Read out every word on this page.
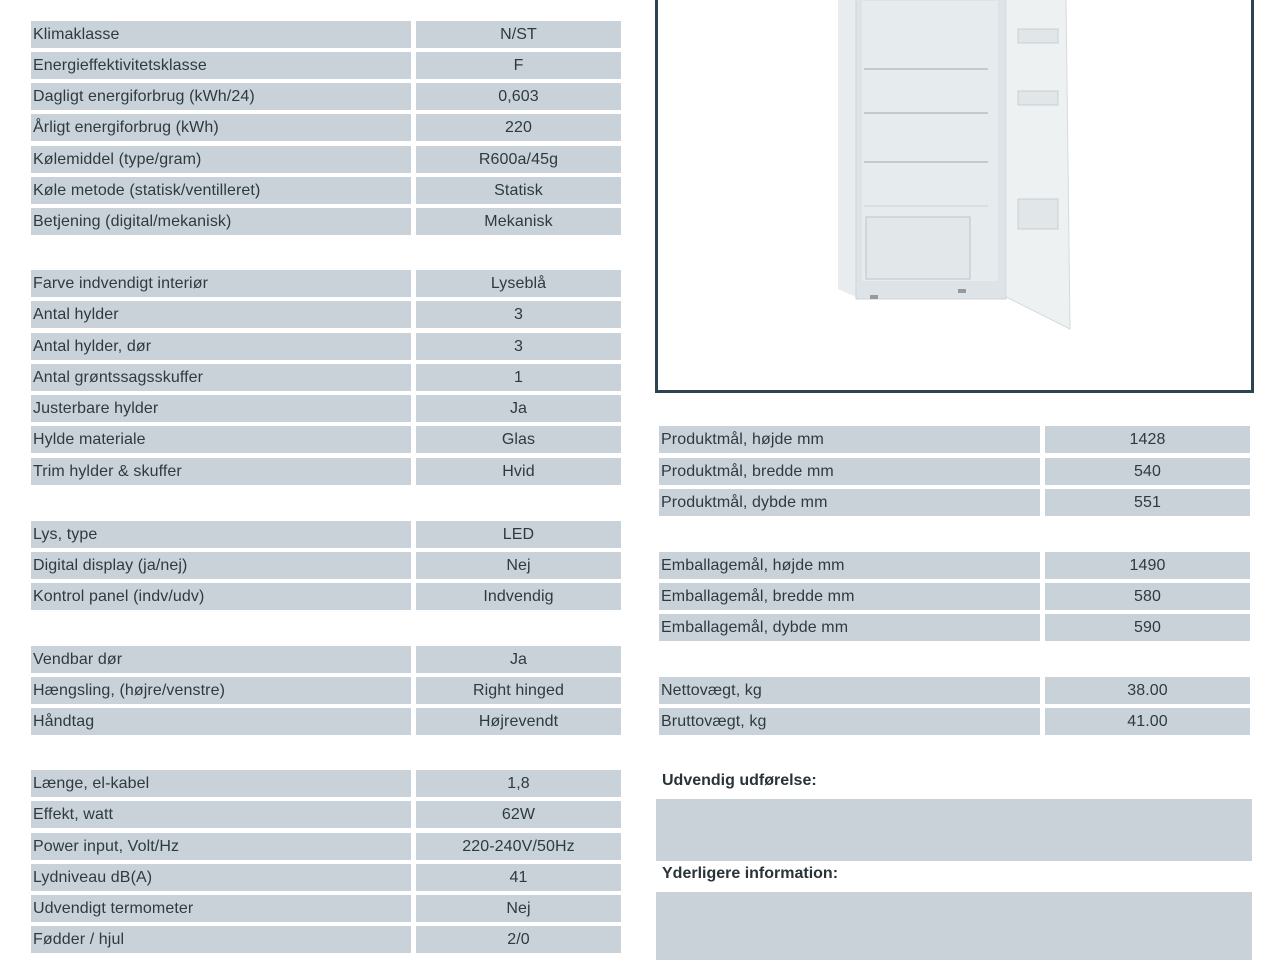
Klimaklasse	N/ST
Energieffektivitetsklasse	F
Dagligt energiforbrug (kWh/24)	0,603
Årligt energiforbrug (kWh)	220
Kølemiddel (type/gram)	R600a/45g
Køle metode (statisk/ventilleret)	Statisk
Betjening (digital/mekanisk)	Mekanisk
Farve indvendigt interiør	Lyseblå
Antal hylder	3
Antal hylder, dør	3
Antal grøntssagsskuffer	1
Justerbare hylder	Ja
Hylde materiale	Glas
Trim hylder & skuffer	Hvid
Lys, type	LED
Digital display (ja/nej)	Nej
Kontrol panel (indv/udv)	Indvendig
Vendbar dør	Ja
Hængsling, (højre/venstre)	Right hinged
Håndtag	Højrevendt
Længe, el-kabel	1,8
Effekt, watt	62W
Power input, Volt/Hz	220-240V/50Hz
Lydniveau dB(A)	41
Udvendigt termometer	Nej
Fødder / hjul	2/0
Produktmål, højde mm	1428
Produktmål, bredde mm	540
Produktmål, dybde mm	551
Emballagemål, højde mm	1490
Emballagemål, bredde mm	580
Emballagemål, dybde mm	590
Nettovægt, kg	38.00
Bruttovægt, kg	41.00
Udvendig udførelse:
Yderligere information:
